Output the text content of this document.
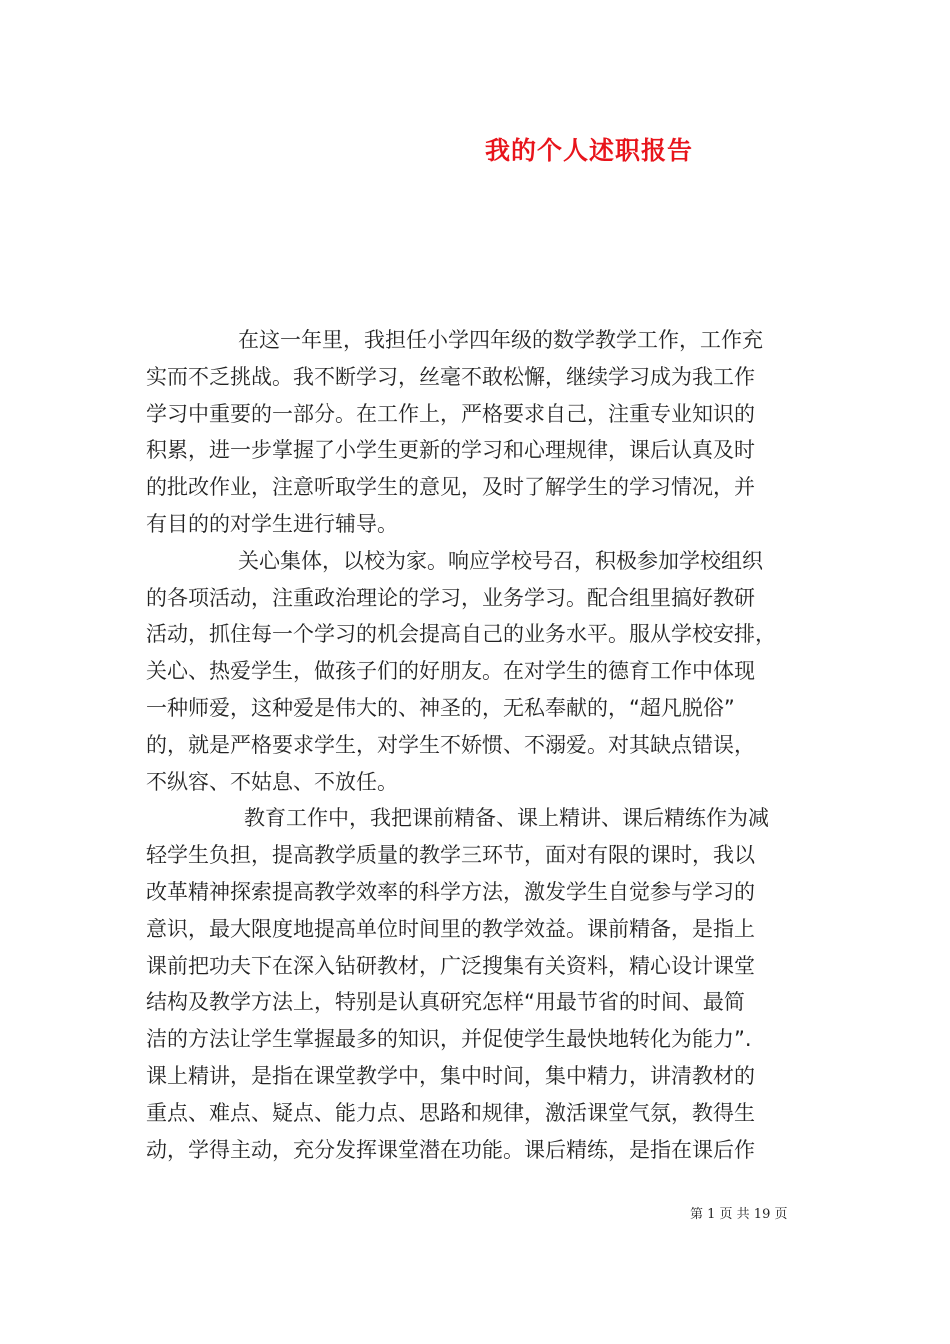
我的个人述职报告

在这一年里，我担任小学四年级的数学教学工作，工作充
实而不乏挑战。我不断学习，丝毫不敢松懈，继续学习成为我工作
学习中重要的一部分。在工作上，严格要求自己，注重专业知识的
积累，进一步掌握了小学生更新的学习和心理规律，课后认真及时
的批改作业，注意听取学生的意见，及时了解学生的学习情况，并
有目的的对学生进行辅导。

关心集体，以校为家。响应学校号召，积极参加学校组织
的各项活动，注重政治理论的学习，业务学习。配合组里搞好教研
活动，抓住每一个学习的机会提高自己的业务水平。服从学校安排，
关心、热爱学生，做孩子们的好朋友。在对学生的德育工作中体现
一种师爱，这种爱是伟大的、神圣的，无私奉献的，“超凡脱俗”
的，就是严格要求学生，对学生不娇惯、不溺爱。对其缺点错误，
不纵容、不姑息、不放任。

教育工作中，我把课前精备、课上精讲、课后精练作为减
轻学生负担，提高教学质量的教学三环节，面对有限的课时，我以
改革精神探索提高教学效率的科学方法，激发学生自觉参与学习的
意识，最大限度地提高单位时间里的教学效益。课前精备，是指上
课前把功夫下在深入钻研教材，广泛搜集有关资料，精心设计课堂
结构及教学方法上，特别是认真研究怎样“用最节省的时间、最简
洁的方法让学生掌握最多的知识，并促使学生最快地转化为能力”.
课上精讲，是指在课堂教学中，集中时间，集中精力，讲清教材的
重点、难点、疑点、能力点、思路和规律，激活课堂气氛，教得生
动，学得主动，充分发挥课堂潜在功能。课后精练，是指在课后作

第 1 页 共 19 页
